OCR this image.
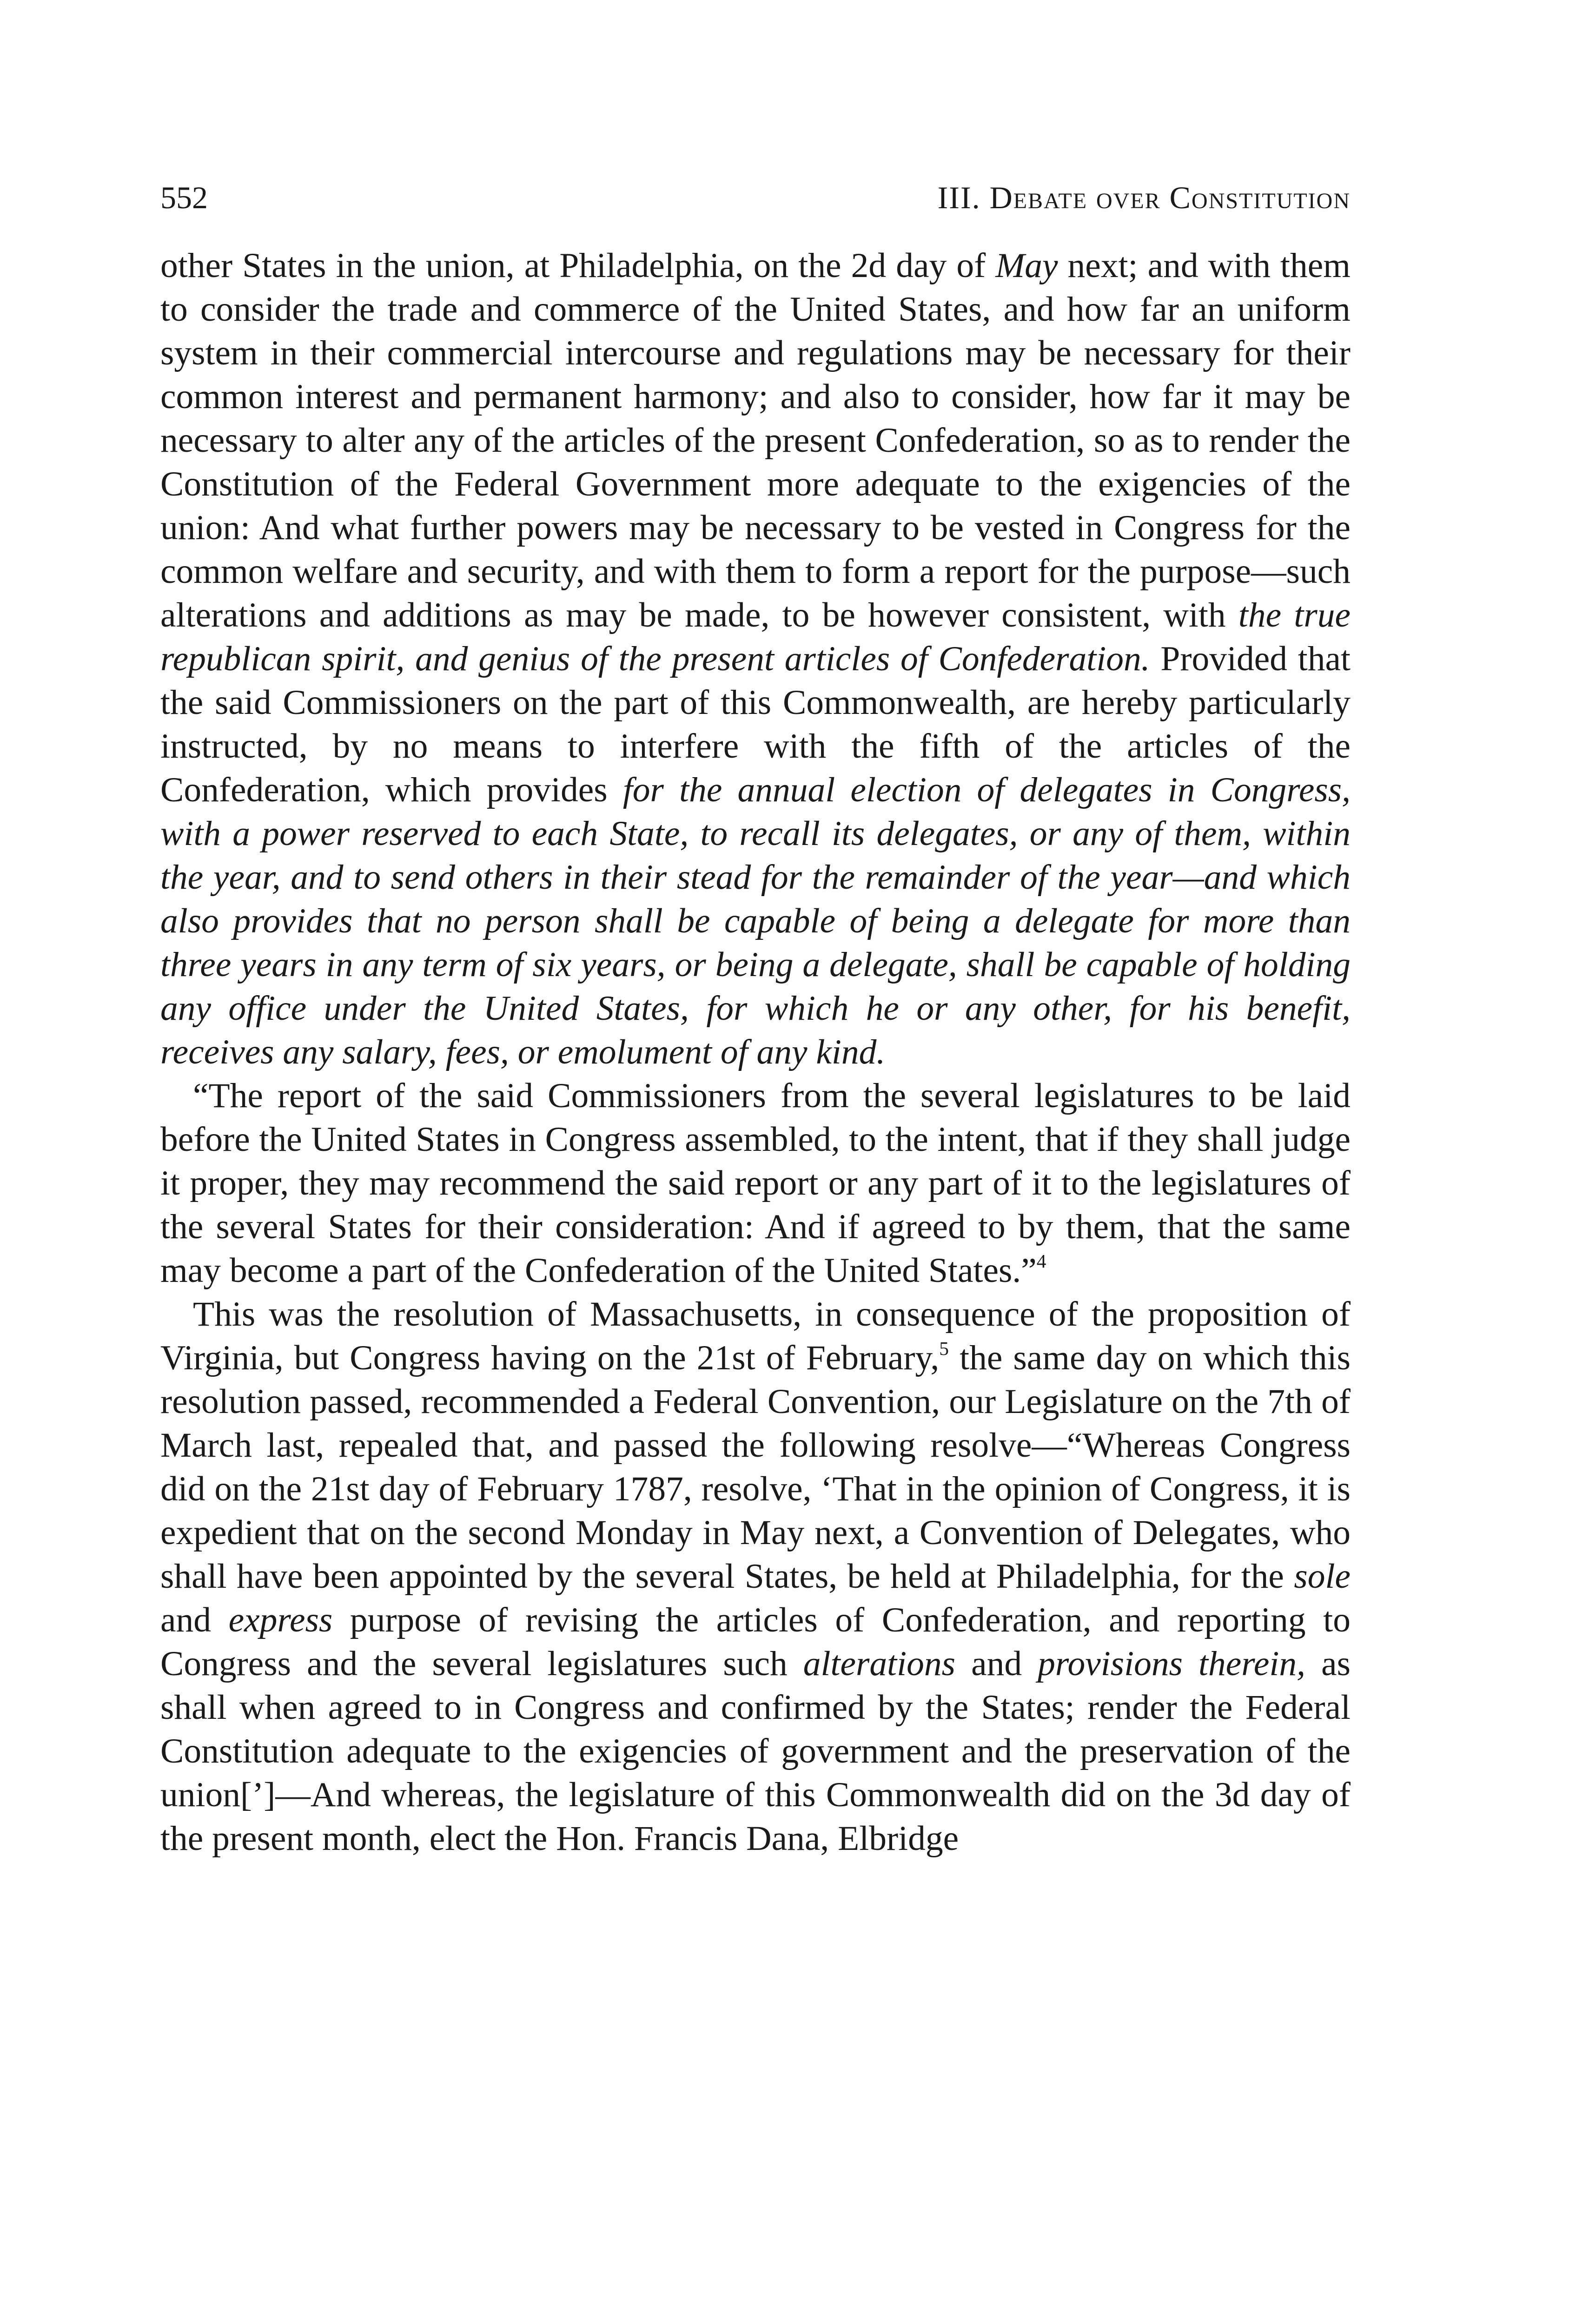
552	III. Debate over Constitution

other States in the union, at Philadelphia, on the 2d day of May next; and with them to consider the trade and commerce of the United States, and how far an uniform system in their commercial intercourse and regulations may be necessary for their common interest and permanent harmony; and also to consider, how far it may be necessary to alter any of the articles of the present Confederation, so as to render the Constitution of the Federal Government more adequate to the exigencies of the union: And what further powers may be necessary to be vested in Congress for the common welfare and security, and with them to form a report for the purpose—such alterations and additions as may be made, to be however consistent, with the true republican spirit, and genius of the present articles of Confederation. Provided that the said Commissioners on the part of this Commonwealth, are hereby particularly instructed, by no means to interfere with the fifth of the articles of the Confederation, which provides for the annual election of delegates in Congress, with a power reserved to each State, to recall its delegates, or any of them, within the year, and to send others in their stead for the remainder of the year—and which also provides that no person shall be capable of being a delegate for more than three years in any term of six years, or being a delegate, shall be capable of holding any office under the United States, for which he or any other, for his benefit, receives any salary, fees, or emolument of any kind.

“The report of the said Commissioners from the several legislatures to be laid before the United States in Congress assembled, to the intent, that if they shall judge it proper, they may recommend the said report or any part of it to the legislatures of the several States for their consideration: And if agreed to by them, that the same may become a part of the Confederation of the United States.”$^4$

This was the resolution of Massachusetts, in consequence of the proposition of Virginia, but Congress having on the 21st of February,$^5$ the same day on which this resolution passed, recommended a Federal Convention, our Legislature on the 7th of March last, repealed that, and passed the following resolve—“Whereas Congress did on the 21st day of February 1787, resolve, ‘That in the opinion of Congress, it is expedient that on the second Monday in May next, a Convention of Delegates, who shall have been appointed by the several States, be held at Philadelphia, for the sole and express purpose of revising the articles of Confederation, and reporting to Congress and the several legislatures such alterations and provisions therein, as shall when agreed to in Congress and confirmed by the States; render the Federal Constitution adequate to the exigencies of government and the preservation of the union[’]—And whereas, the legislature of this Commonwealth did on the 3d day of the present month, elect the Hon. Francis Dana, Elbridge
